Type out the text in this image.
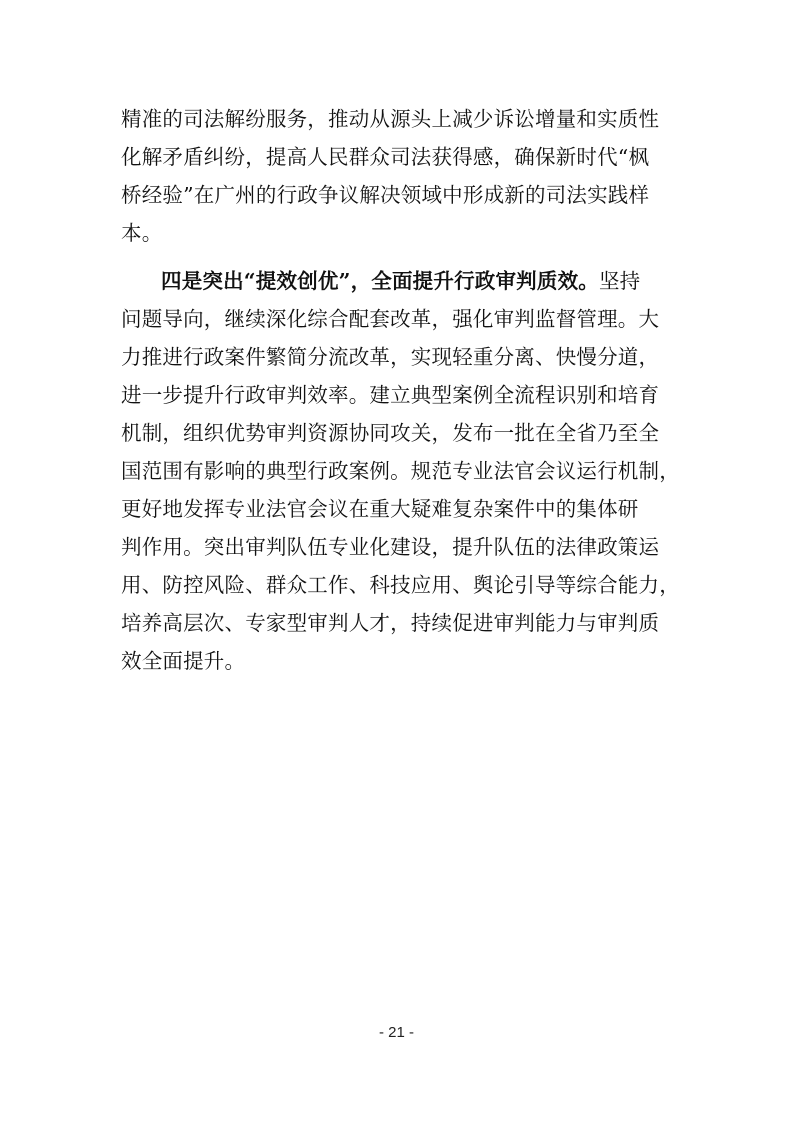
精准的司法解纷服务，推动从源头上减少诉讼增量和实质性
化解矛盾纠纷，提高人民群众司法获得感，确保新时代“枫
桥经验”在广州的行政争议解决领域中形成新的司法实践样
本。
四是突出“提效创优”，全面提升行政审判质效。坚持
问题导向，继续深化综合配套改革，强化审判监督管理。大
力推进行政案件繁简分流改革，实现轻重分离、快慢分道，
进一步提升行政审判效率。建立典型案例全流程识别和培育
机制，组织优势审判资源协同攻关，发布一批在全省乃至全
国范围有影响的典型行政案例。规范专业法官会议运行机制，
更好地发挥专业法官会议在重大疑难复杂案件中的集体研
判作用。突出审判队伍专业化建设，提升队伍的法律政策运
用、防控风险、群众工作、科技应用、舆论引导等综合能力，
培养高层次、专家型审判人才，持续促进审判能力与审判质
效全面提升。
- 21 -
